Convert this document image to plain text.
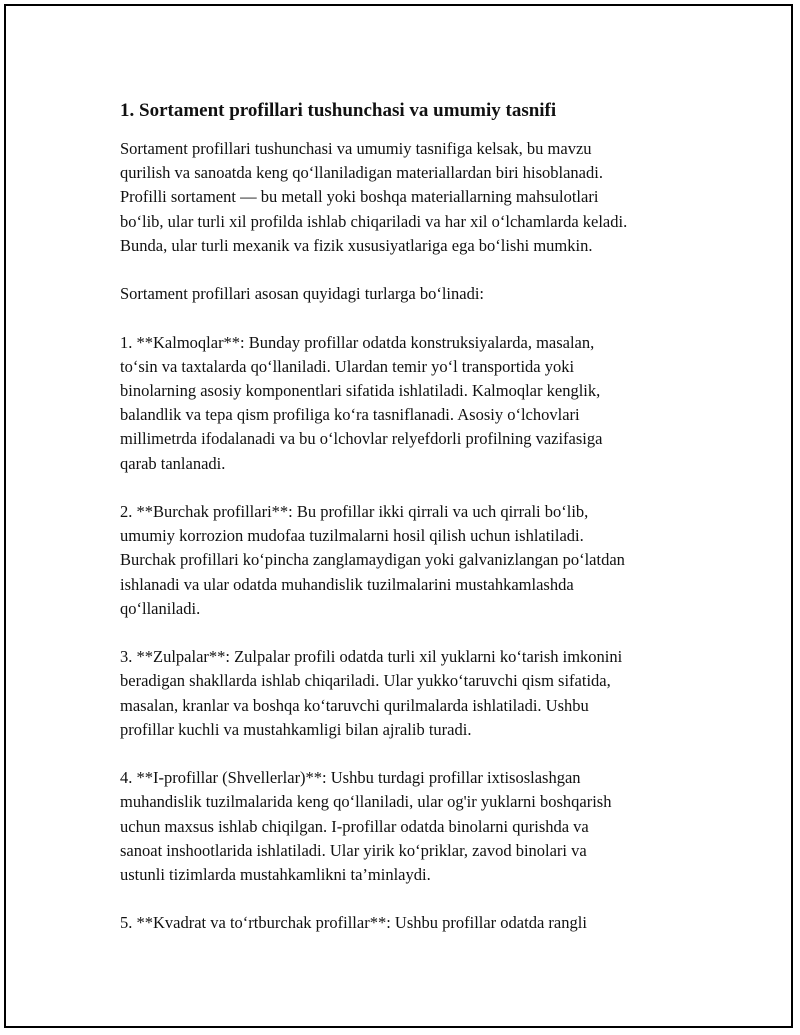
1. Sortament profillari tushunchasi va umumiy tasnifi

Sortament profillari tushunchasi va umumiy tasnifiga kelsak, bu mavzu
qurilish va sanoatda keng qo‘llaniladigan materiallardan biri hisoblanadi.
Profilli sortament — bu metall yoki boshqa materiallarning mahsulotlari
bo‘lib, ular turli xil profilda ishlab chiqariladi va har xil o‘lchamlarda keladi.
Bunda, ular turli mexanik va fizik xususiyatlariga ega bo‘lishi mumkin.

Sortament profillari asosan quyidagi turlarga bo‘linadi:

1. **Kalmoqlar**: Bunday profillar odatda konstruksiyalarda, masalan,
to‘sin va taxtalarda qo‘llaniladi. Ulardan temir yo‘l transportida yoki
binolarning asosiy komponentlari sifatida ishlatiladi. Kalmoqlar kenglik,
balandlik va tepa qism profiliga ko‘ra tasniflanadi. Asosiy o‘lchovlari
millimetrda ifodalanadi va bu o‘lchovlar relyefdorli profilning vazifasiga
qarab tanlanadi.

2. **Burchak profillari**: Bu profillar ikki qirrali va uch qirrali bo‘lib,
umumiy korrozion mudofaa tuzilmalarni hosil qilish uchun ishlatiladi.
Burchak profillari ko‘pincha zanglamaydigan yoki galvanizlangan po‘latdan
ishlanadi va ular odatda muhandislik tuzilmalarini mustahkamlashda
qo‘llaniladi.

3. **Zulpalar**: Zulpalar profili odatda turli xil yuklarni ko‘tarish imkonini
beradigan shakllarda ishlab chiqariladi. Ular yukko‘taruvchi qism sifatida,
masalan, kranlar va boshqa ko‘taruvchi qurilmalarda ishlatiladi. Ushbu
profillar kuchli va mustahkamligi bilan ajralib turadi.

4. **I-profillar (Shvellerlar)**: Ushbu turdagi profillar ixtisoslashgan
muhandislik tuzilmalarida keng qo‘llaniladi, ular og'ir yuklarni boshqarish
uchun maxsus ishlab chiqilgan. I-profillar odatda binolarni qurishda va
sanoat inshootlarida ishlatiladi. Ular yirik ko‘priklar, zavod binolari va
ustunli tizimlarda mustahkamlikni ta’minlaydi.

5. **Kvadrat va to‘rtburchak profillar**: Ushbu profillar odatda rangli
